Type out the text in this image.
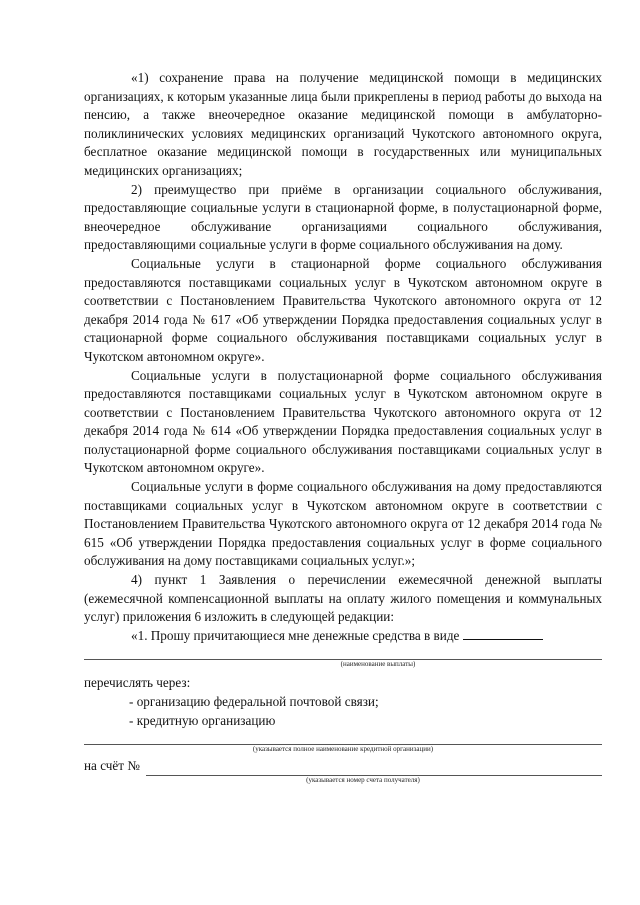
«1) сохранение права на получение медицинской помощи в медицинских организациях, к которым указанные лица были прикреплены в период работы до выхода на пенсию, а также внеочередное оказание медицинской помощи в амбулаторно-поликлинических условиях медицинских организаций Чукотского автономного округа, бесплатное оказание медицинской помощи в государственных или муниципальных медицинских организациях;

2) преимущество при приёме в организации социального обслуживания, предоставляющие социальные услуги в стационарной форме, в полустационарной форме, внеочередное обслуживание организациями социального обслуживания, предоставляющими социальные услуги в форме социального обслуживания на дому.

Социальные услуги в стационарной форме социального обслуживания предоставляются поставщиками социальных услуг в Чукотском автономном округе в соответствии с Постановлением Правительства Чукотского автономного округа от 12 декабря 2014 года № 617 «Об утверждении Порядка предоставления социальных услуг в стационарной форме социального обслуживания поставщиками социальных услуг в Чукотском автономном округе».

Социальные услуги в полустационарной форме социального обслуживания предоставляются поставщиками социальных услуг в Чукотском автономном округе в соответствии с Постановлением Правительства Чукотского автономного округа от 12 декабря 2014 года № 614 «Об утверждении Порядка предоставления социальных услуг в полустационарной форме социального обслуживания поставщиками социальных услуг в Чукотском автономном округе».

Социальные услуги в форме социального обслуживания на дому предоставляются поставщиками социальных услуг в Чукотском автономном округе в соответствии с Постановлением Правительства Чукотского автономного округа от 12 декабря 2014 года № 615 «Об утверждении Порядка предоставления социальных услуг в форме социального обслуживания на дому поставщиками социальных услуг.»;

4) пункт 1 Заявления о перечислении ежемесячной денежной выплаты (ежемесячной компенсационной выплаты на оплату жилого помещения и коммунальных услуг) приложения 6 изложить в следующей редакции:

«1. Прошу причитающиеся мне денежные средства в виде
(наименование выплаты)

перечислять через:

- организацию федеральной почтовой связи;

- кредитную организацию

(указывается полное наименование кредитной организации)
на счёт №
(указывается номер счета получателя)
